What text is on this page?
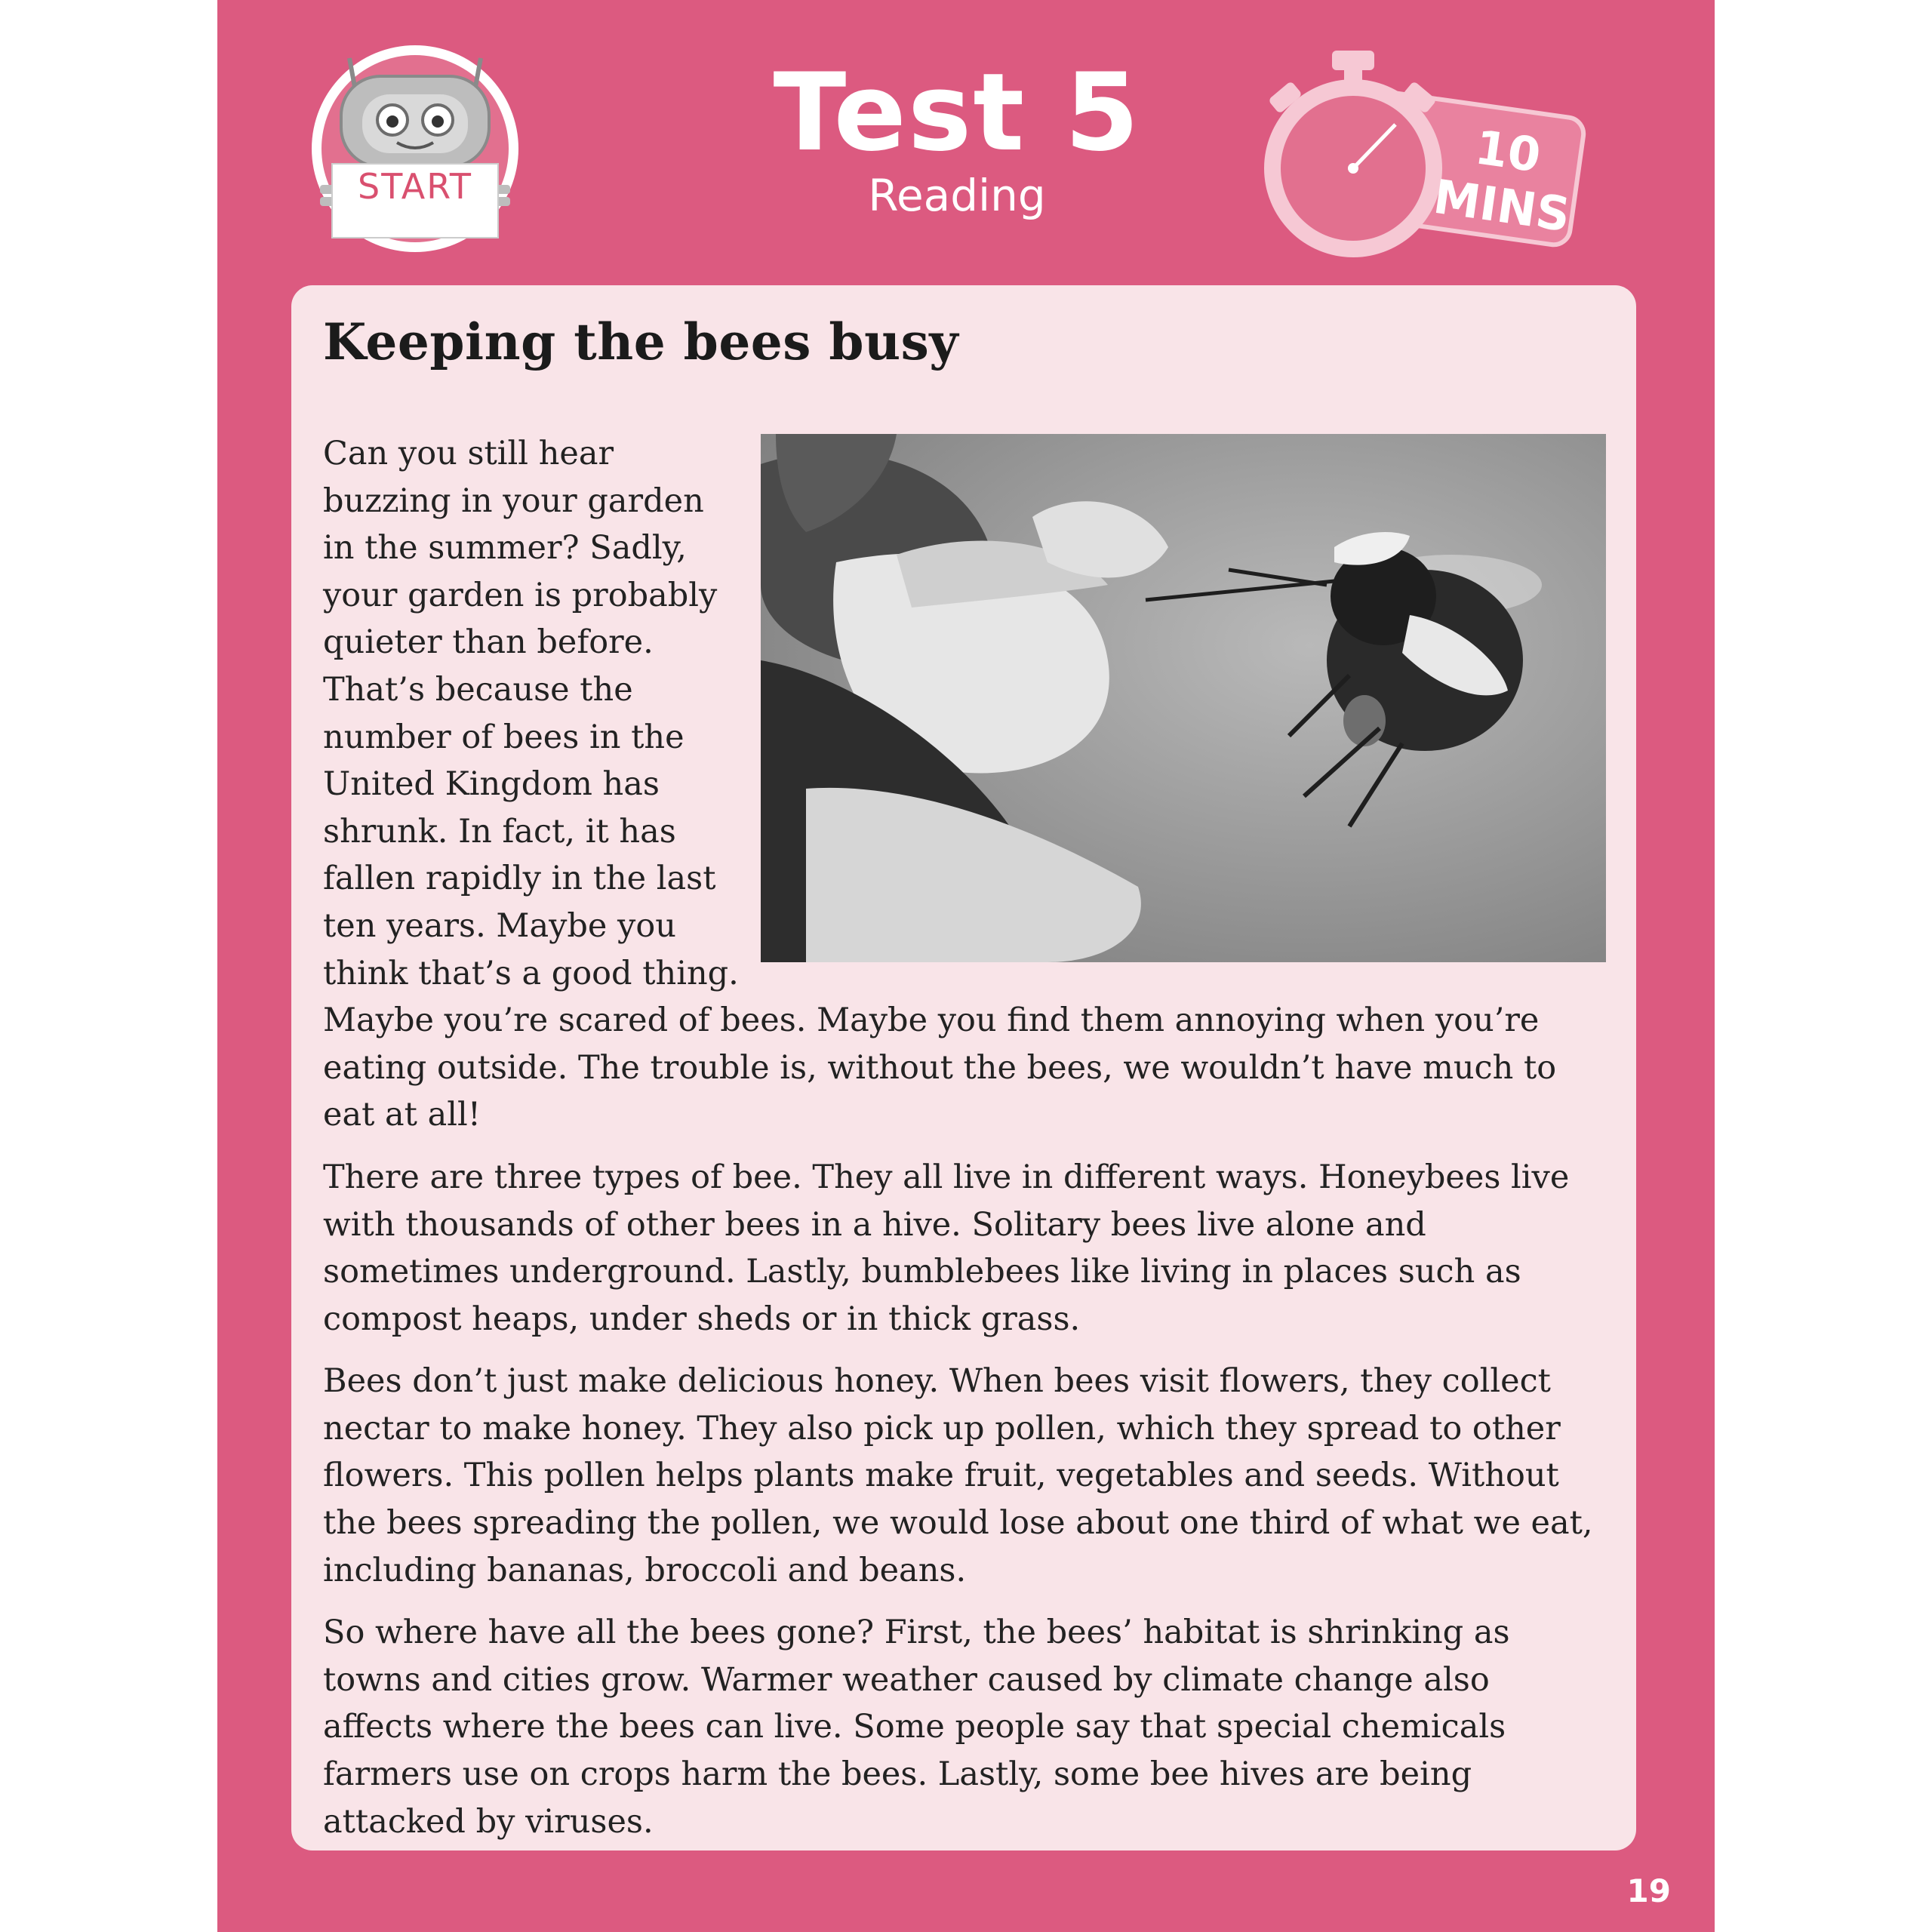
START
Test 5
Reading
10
MINS
Keeping the bees busy

Can you still hear buzzing in your garden in the summer? Sadly, your garden is probably quieter than before. That’s because the number of bees in the United Kingdom has shrunk. In fact, it has fallen rapidly in the last ten years. Maybe you think that’s a good thing. Maybe you’re scared of bees. Maybe you find them annoying when you’re eating outside. The trouble is, without the bees, we wouldn’t have much to eat at all!

There are three types of bee. They all live in different ways. Honeybees live with thousands of other bees in a hive. Solitary bees live alone and sometimes underground. Lastly, bumblebees like living in places such as compost heaps, under sheds or in thick grass.

Bees don’t just make delicious honey. When bees visit flowers, they collect nectar to make honey. They also pick up pollen, which they spread to other flowers. This pollen helps plants make fruit, vegetables and seeds. Without the bees spreading the pollen, we would lose about one third of what we eat, including bananas, broccoli and beans.

So where have all the bees gone? First, the bees’ habitat is shrinking as towns and cities grow. Warmer weather caused by climate change also affects where the bees can live. Some people say that special chemicals farmers use on crops harm the bees. Lastly, some bee hives are being attacked by viruses.

19
